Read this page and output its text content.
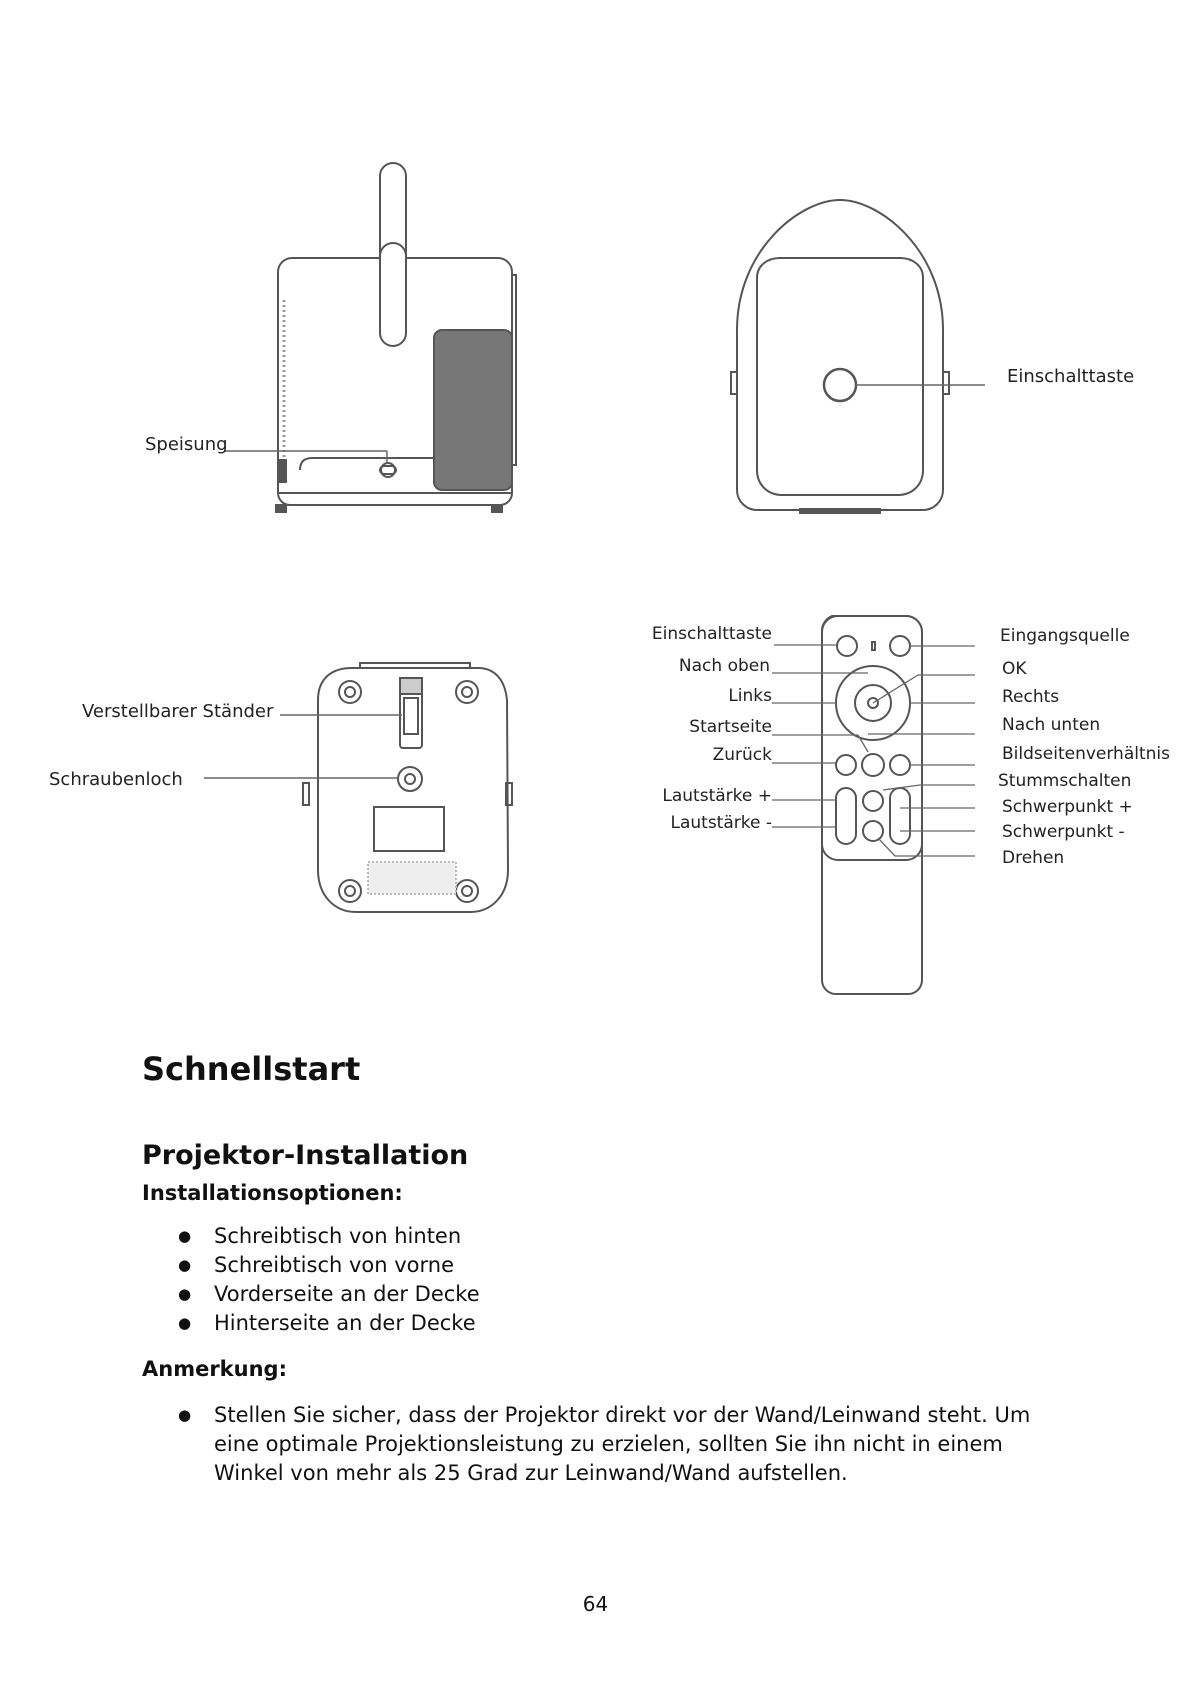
Speisung
Einschalttaste
Verstellbarer Ständer
Schraubenloch
Einschalttaste
Nach oben
Links
Startseite
Zurück
Lautstärke +
Lautstärke -
Eingangsquelle
OK
Rechts
Nach unten
Bildseitenverhältnis
Stummschalten
Schwerpunkt +
Schwerpunkt -
Drehen
Schnellstart
Projektor-Installation
Installationsoptionen:
● Schreibtisch von hinten
● Schreibtisch von vorne
● Vorderseite an der Decke
● Hinterseite an der Decke
Anmerkung:
● Stellen Sie sicher, dass der Projektor direkt vor der Wand/Leinwand steht. Um eine optimale Projektionsleistung zu erzielen, sollten Sie ihn nicht in einem Winkel von mehr als 25 Grad zur Leinwand/Wand aufstellen.
64
